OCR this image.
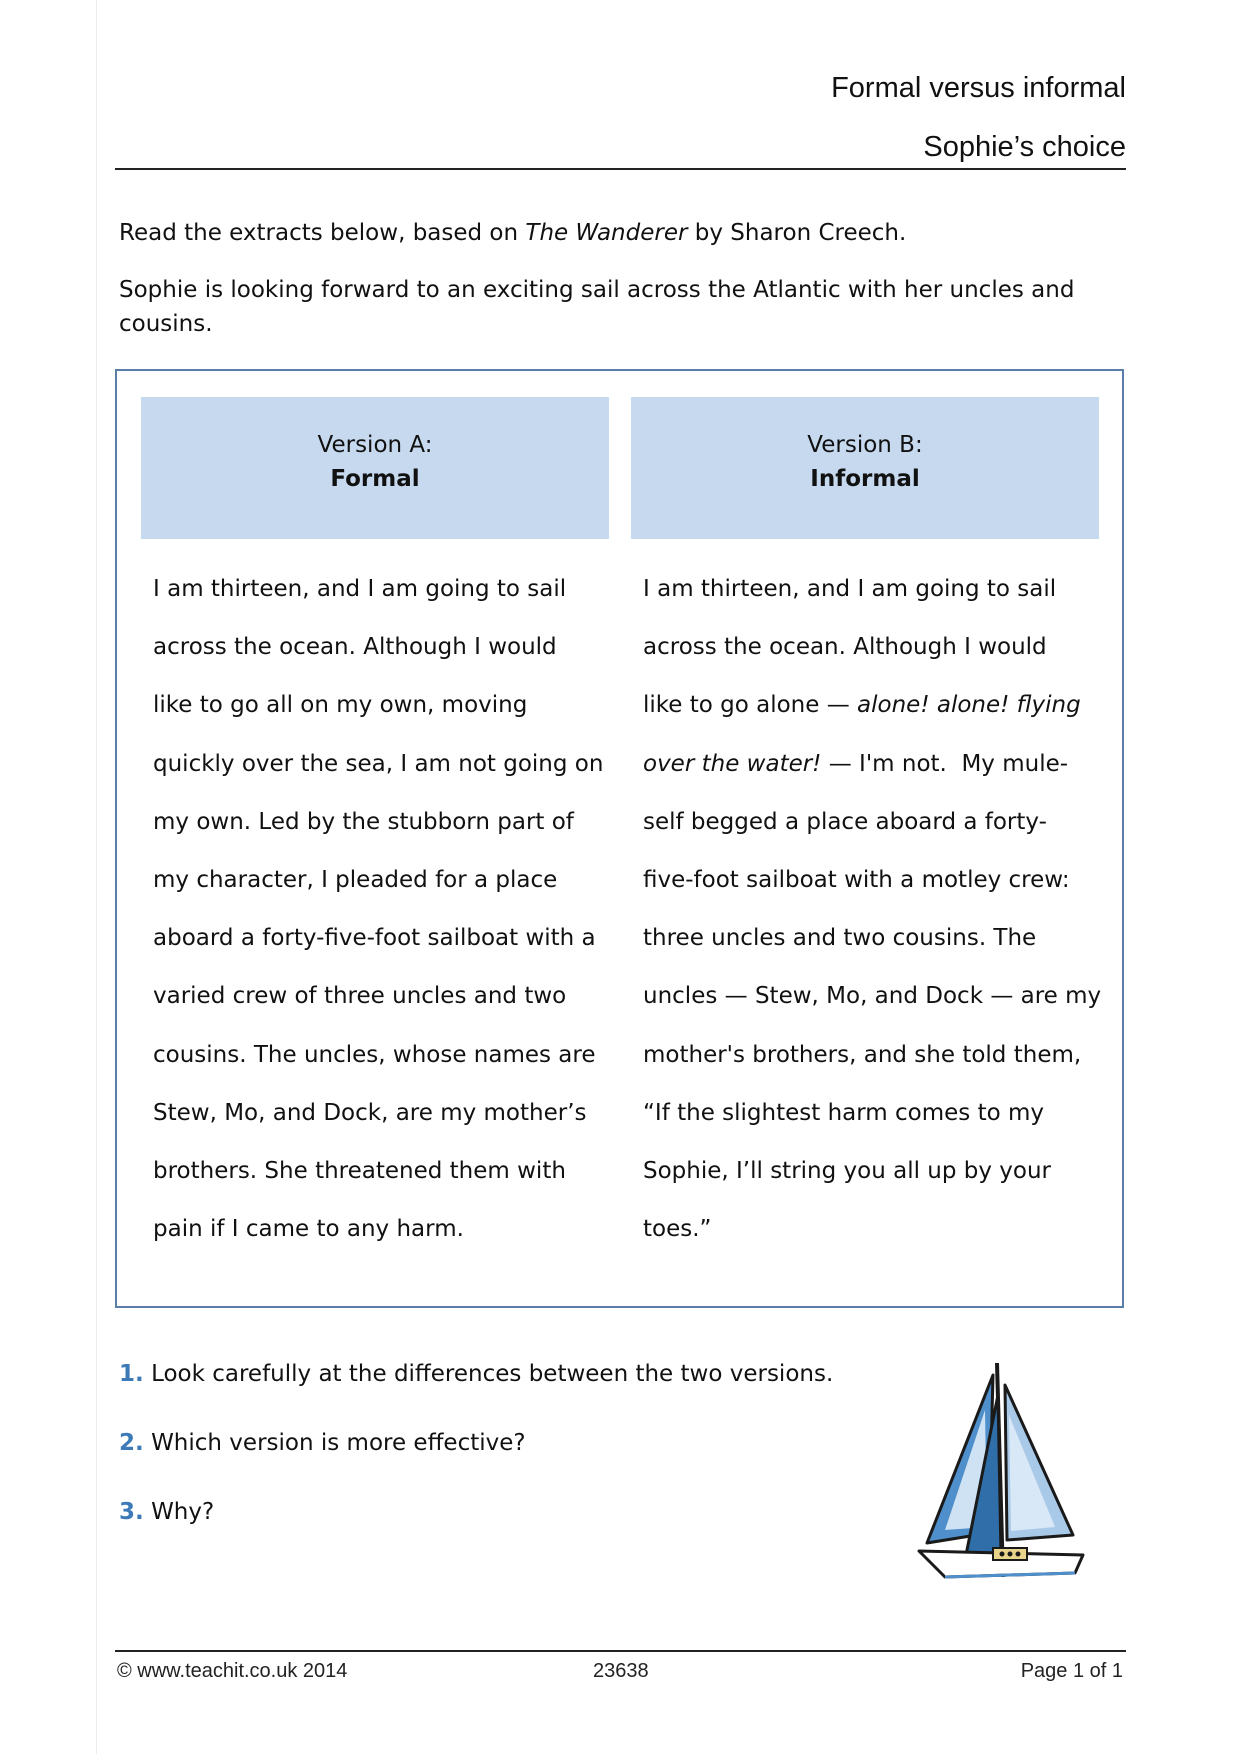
Formal versus informal
Sophie’s choice
Read the extracts below, based on The Wanderer by Sharon Creech.
Sophie is looking forward to an exciting sail across the Atlantic with her uncles and cousins.
Version A:
Formal
Version B:
Informal
I am thirteen, and I am going to sail
across the ocean. Although I would
like to go all on my own, moving
quickly over the sea, I am not going on
my own. Led by the stubborn part of
my character, I pleaded for a place
aboard a forty-five-foot sailboat with a
varied crew of three uncles and two
cousins. The uncles, whose names are
Stew, Mo, and Dock, are my mother’s
brothers. She threatened them with
pain if I came to any harm.
I am thirteen, and I am going to sail
across the ocean. Although I would
like to go alone — alone! alone! flying
over the water! — I'm not.  My mule-
self begged a place aboard a forty-
five-foot sailboat with a motley crew:
three uncles and two cousins. The
uncles — Stew, Mo, and Dock — are my
mother's brothers, and she told them,
“If the slightest harm comes to my
Sophie, I’ll string you all up by your
toes.”
1. Look carefully at the differences between the two versions.
2. Which version is more effective?
3. Why?
© www.teachit.co.uk 2014	23638	Page 1 of 1
